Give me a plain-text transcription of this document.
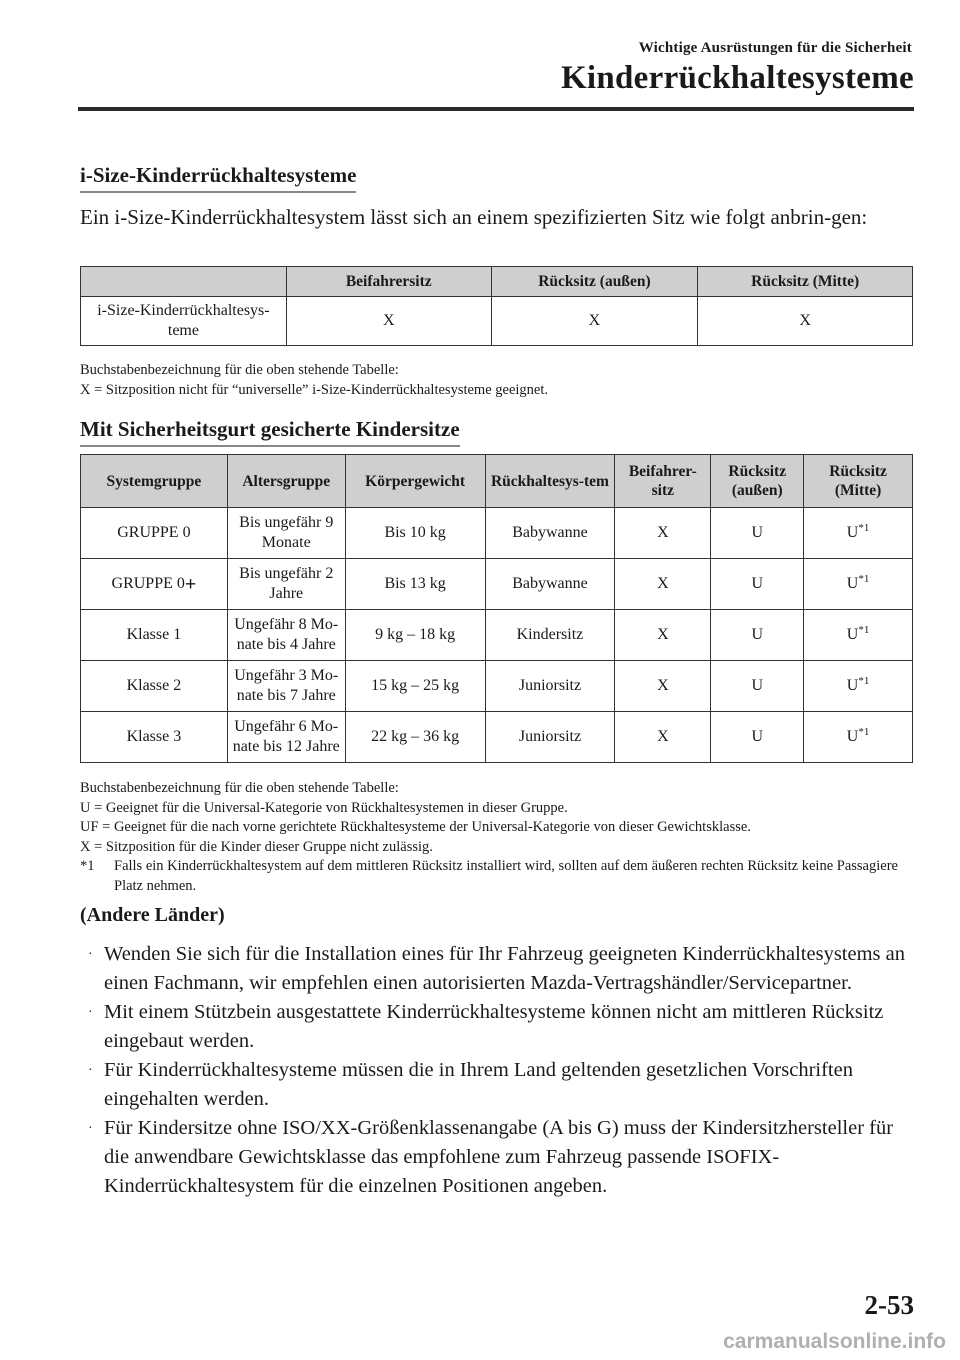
Wichtige Ausrüstungen für die Sicherheit
Kinderrückhaltesysteme
i-Size-Kinderrückhaltesysteme
Ein i-Size-Kinderrückhaltesystem lässt sich an einem spezifizierten Sitz wie folgt anbrin-gen:
	Beifahrersitz	Rücksitz (außen)	Rücksitz (Mitte)
i-Size-Kinderrückhaltesys-teme	X	X	X
Buchstabenbezeichnung für die oben stehende Tabelle:
X = Sitzposition nicht für “universelle” i-Size-Kinderrückhaltesysteme geeignet.
Mit Sicherheitsgurt gesicherte Kindersitze
Systemgruppe	Altersgruppe	Körpergewicht	Rückhaltesys-tem	Beifahrer-sitz	Rücksitz (außen)	Rücksitz (Mitte)
GRUPPE 0	Bis ungefähr 9 Monate	Bis 10 kg	Babywanne	X	U	$U^{*1}$
GRUPPE 0+	Bis ungefähr 2 Jahre	Bis 13 kg	Babywanne	X	U	$U^{*1}$
Klasse 1	Ungefähr 8 Mo-nate bis 4 Jahre	9 kg – 18 kg	Kindersitz	X	U	$U^{*1}$
Klasse 2	Ungefähr 3 Mo-nate bis 7 Jahre	15 kg – 25 kg	Juniorsitz	X	U	$U^{*1}$
Klasse 3	Ungefähr 6 Mo-nate bis 12 Jahre	22 kg – 36 kg	Juniorsitz	X	U	$U^{*1}$
Buchstabenbezeichnung für die oben stehende Tabelle:
U = Geeignet für die Universal-Kategorie von Rückhaltesystemen in dieser Gruppe.
UF = Geeignet für die nach vorne gerichtete Rückhaltesysteme der Universal-Kategorie von dieser Gewichtsklasse.
X = Sitzposition für die Kinder dieser Gruppe nicht zulässig.
*1	Falls ein Kinderrückhaltesystem auf dem mittleren Rücksitz installiert wird, sollten auf dem äußeren rechten Rücksitz keine Passagiere Platz nehmen.
(Andere Länder)
· Wenden Sie sich für die Installation eines für Ihr Fahrzeug geeigneten Kinderrückhaltesystems an einen Fachmann, wir empfehlen einen autorisierten Mazda-Vertragshändler/Servicepartner.
· Mit einem Stützbein ausgestattete Kinderrückhaltesysteme können nicht am mittleren Rücksitz eingebaut werden.
· Für Kinderrückhaltesysteme müssen die in Ihrem Land geltenden gesetzlichen Vorschriften eingehalten werden.
· Für Kindersitze ohne ISO/XX-Größenklassenangabe (A bis G) muss der Kindersitzhersteller für die anwendbare Gewichtsklasse das empfohlene zum Fahrzeug passende ISOFIX-Kinderrückhaltesystem für die einzelnen Positionen angeben.
2-53
carmanualsonline.info
